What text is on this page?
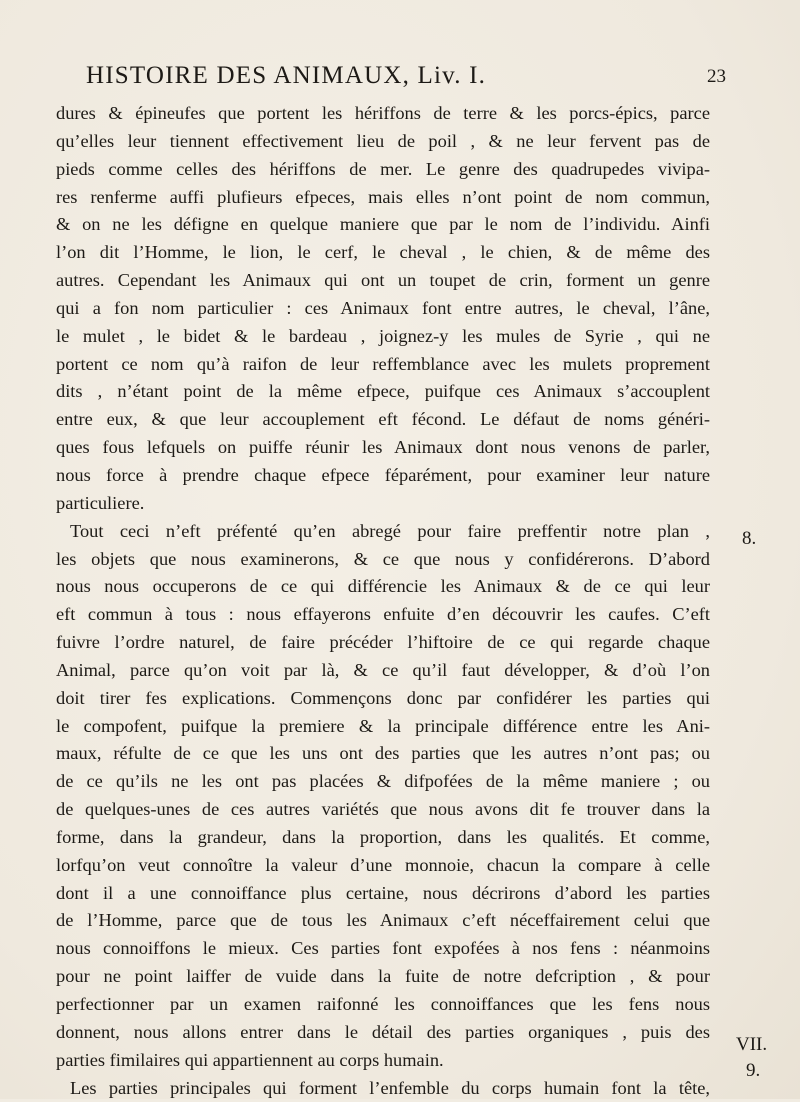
HISTOIRE DES ANIMAUX, Liv. I.	23
dures & épineufes que portent les hériffons de terre & les porcs-épics, parce
qu’elles leur tiennent effectivement lieu de poil , & ne leur fervent pas de
pieds comme celles des hériffons de mer. Le genre des quadrupedes vivipa-
res renferme auffi plufieurs efpeces, mais elles n’ont point de nom commun,
& on ne les défigne en quelque maniere que par le nom de l’individu. Ainfi
l’on dit l’Homme, le lion, le cerf, le cheval , le chien, & de même des
autres. Cependant les Animaux qui ont un toupet de crin, forment un genre
qui a fon nom particulier : ces Animaux font entre autres, le cheval, l’âne,
le mulet , le bidet & le bardeau , joignez-y les mules de Syrie , qui ne
portent ce nom qu’à raifon de leur reffemblance avec les mulets proprement
dits , n’étant point de la même efpece, puifque ces Animaux s’accouplent
entre eux, & que leur accouplement eft fécond. Le défaut de noms généri-
ques fous lefquels on puiffe réunir les Animaux dont nous venons de parler,
nous force à prendre chaque efpece féparément, pour examiner leur nature
particuliere.
Tout ceci n’eft préfenté qu’en abregé pour faire preffentir notre plan ,
les objets que nous examinerons, & ce que nous y confidérerons. D’abord
nous nous occuperons de ce qui différencie les Animaux & de ce qui leur
eft commun à tous : nous effayerons enfuite d’en découvrir les caufes. C’eft
fuivre l’ordre naturel, de faire précéder l’hiftoire de ce qui regarde chaque
Animal, parce qu’on voit par là, & ce qu’il faut développer, & d’où l’on
doit tirer fes explications. Commençons donc par confidérer les parties qui
le compofent, puifque la premiere & la principale différence entre les Ani-
maux, réfulte de ce que les uns ont des parties que les autres n’ont pas; ou
de ce qu’ils ne les ont pas placées & difpofées de la même maniere ; ou
de quelques-unes de ces autres variétés que nous avons dit fe trouver dans la
forme, dans la grandeur, dans la proportion, dans les qualités. Et comme,
lorfqu’on veut connoître la valeur d’une monnoie, chacun la compare à celle
dont il a une connoiffance plus certaine, nous décrirons d’abord les parties
de l’Homme, parce que de tous les Animaux c’eft néceffairement celui que
nous connoiffons le mieux. Ces parties font expofées à nos fens : néanmoins
pour ne point laiffer de vuide dans la fuite de notre defcription , & pour
perfectionner par un examen raifonné les connoiffances que les fens nous
donnent, nous allons entrer dans le détail des parties organiques , puis des
parties fimilaires qui appartiennent au corps humain.
Les parties principales qui forment l’enfemble du corps humain font la tête,
8.
VII.
9.
